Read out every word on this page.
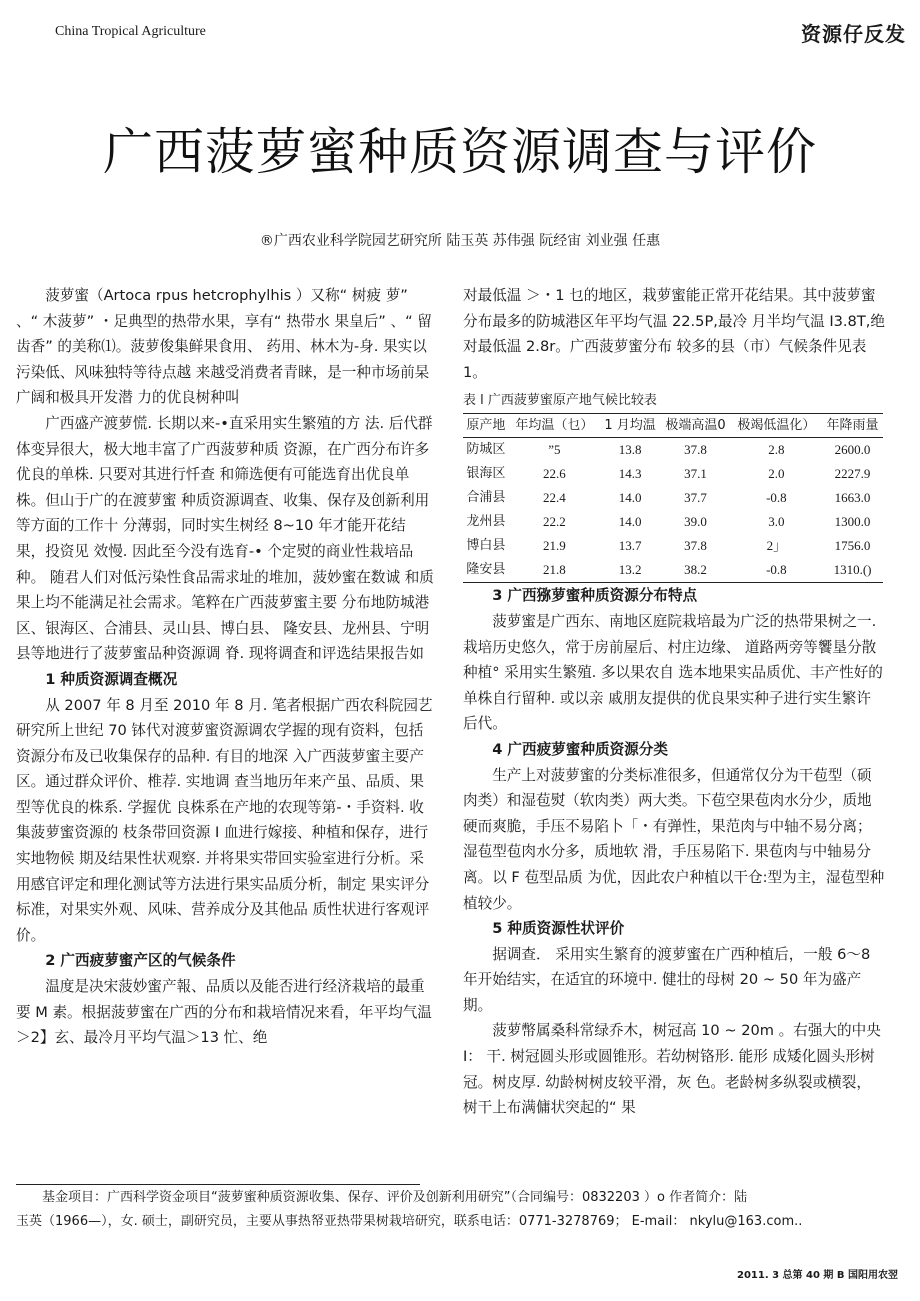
China Tropical Agriculture	资源仔反发
广西菠萝蜜种质资源调查与评价
®广西农业科学院园艺研究所 陆玉英 苏伟强 阮经宙 刘业强 任惠

菠萝蜜（Artoca rpus hetcrophylhis ）又称“ 树疲 萝” 、“ 木菠萝” ・足典型的热带水果，享有“ 热带水 果皇后” 、“ 留齿香” 的美称⑴。菠萝俊集鲜果食用、 药用、林木为-身. 果实以污染低、风味独特等待点越 来越受消费者青睐，是一种市场前杲广阔和极具开发潜 力的优良树种叫

广西盛产渡萝慌. 长期以来-•直采用实生繁殖的方 法. 后代群体变异很大，极大地丰富了广西菠萝种质 资源，在广西分布许多优良的单株. 只要对其进行忏查 和筛选便有可能选育出优良单株。但山于广的在渡萝蜜 种质资源调查、收集、保存及创新利用等方面的工作十 分薄弱，同时实生树经 8~10 年才能开花结果，投资见 效慢. 因此至今没有选育-• 个定熨的商业性栽培品种。 随君人们对低污染性食品需求址的堆加，菠妙蜜在数诚 和质果上均不能满足社会需求。笔粹在广西菠萝蜜主要 分布地防城港区、银海区、合浦县、灵山县、博白县、 隆安县、龙州县、宁明县等地进行了菠萝蜜品种资源调 脊. 现将调査和评选结果报告如

1 种质资源调査概况

从 2007 年 8 月至 2010 年 8 月. 笔者根据广西农科院园艺研究所上世纪 70 钵代对渡萝蜜资源调农学握的现有资料，包括资源分布及已收集保存的品种. 有目的地深 入广西菠萝蜜主要产区。通过群众评价、椎荐. 实地调 查当地历年来产虽、品质、果型等优良的株系. 学握优 良株系在产地的农现等第-・手资料. 收集菠萝蜜资源的 枝条带回资源 I 血进行嫁接、种植和保存，进行实地物候 期及结果性状观察. 并将果实带回实验室进行分析。采 用感官评定和理化测试等方法进行果实品质分析，制定 果实评分标准，对果实外观、风味、营养成分及其他品 质性状进行客观评价。

2 广西疲萝蜜产区的气候条件

温度是决宋菠妙蜜产報、品质以及能否进行经济栽培的最重要 M 素。根据菠萝蜜在广西的分布和栽培情况来看，年平均气温＞2】玄、最冷月平均气温＞13 忙、绝

对最低温 ＞・1 乜的地区，栽萝蜜能正常开花结果。其中菠萝蜜分布最多的防城港区年平均气温 22.5P,最冷 月半均气温 I3.8T,绝对最低温 2.8r。广西菠萝蜜分布 较多的县（市）气候条件见表 1。

表 l 广西菠萝蜜原产地气候比较表

原产地	年均温（乜）	1 月均温	极端高温0	极竭低温化）	年降雨量
防城区	”5	13.8	37.8	2.8	2600.0
银海区	22.6	14.3	37.1	2.0	2227.9
合浦县	22.4	14.0	37.7	-0.8	1663.0
龙州县	22.2	14.0	39.0	3.0	1300.0
博白县	21.9	13.7	37.8	2」	1756.0
隆安县	21.8	13.2	38.2	-0.8	1310.()

3 广西猕萝蜜种质资源分布特点

菠萝蜜是广西东、南地区庭院栽培最为广泛的热带果树之一. 栽培历史悠久，常于房前屋后、村庄边缘、 道路两旁等饗垦分散种植° 采用实生繁殖. 多以果农自 选本地果实品质优、丰产性好的单株自行留种. 或以亲 戚朋友提供的优良果实种子进行实生繁许后代。

4 广西疲萝蜜种质资源分类

生产上对菠萝蜜的分类标准很多，但通常仅分为干苞型（硕肉类）和湿苞熨（软肉类）两大类。下苞空果苞肉水分少，质地硬而爽脆，手压不易陷卜「・有弹性，果范肉与中轴不易分离；湿苞型苞肉水分多，质地软 滑，手压易陷下. 果苞肉与中轴易分离。以 F 苞型品质 为优，因此农户种植以干仓:型为主，湿苞型种植较少。

5 种质资源性状评价

据调查． 采用实生繁育的渡萝蜜在广西种植后，一般 6～8 年开始结实，在适宜的环境中. 健壮的母树 20 ~ 50 年为盛产期。

菠萝幣属桑科常绿乔木，树冠高 10 ~ 20m 。右强大的中央 I： 干. 树冠圆头形或圆锥形。若幼树铬形. 能形 成矮化圆头形树冠。树皮厚. 幼龄树树皮较平滑，灰 色。老龄树多纵裂或横裂，树干上布满傭状突起的“ 果

基金项目：广西科学资金项目“菠萝蜜种质资源收集、保存、评价及创新利用研究”（合同编号：0832203 ）o 作者简介：陆

玉英（1966—），女. 硕士，副研究员，主要从事热帑亚热带果树栽培研究，联系电话：0771-3278769； E-mail： nkylu@163.com..

2011. 3 总第 40 期 B 国阳用农翌
